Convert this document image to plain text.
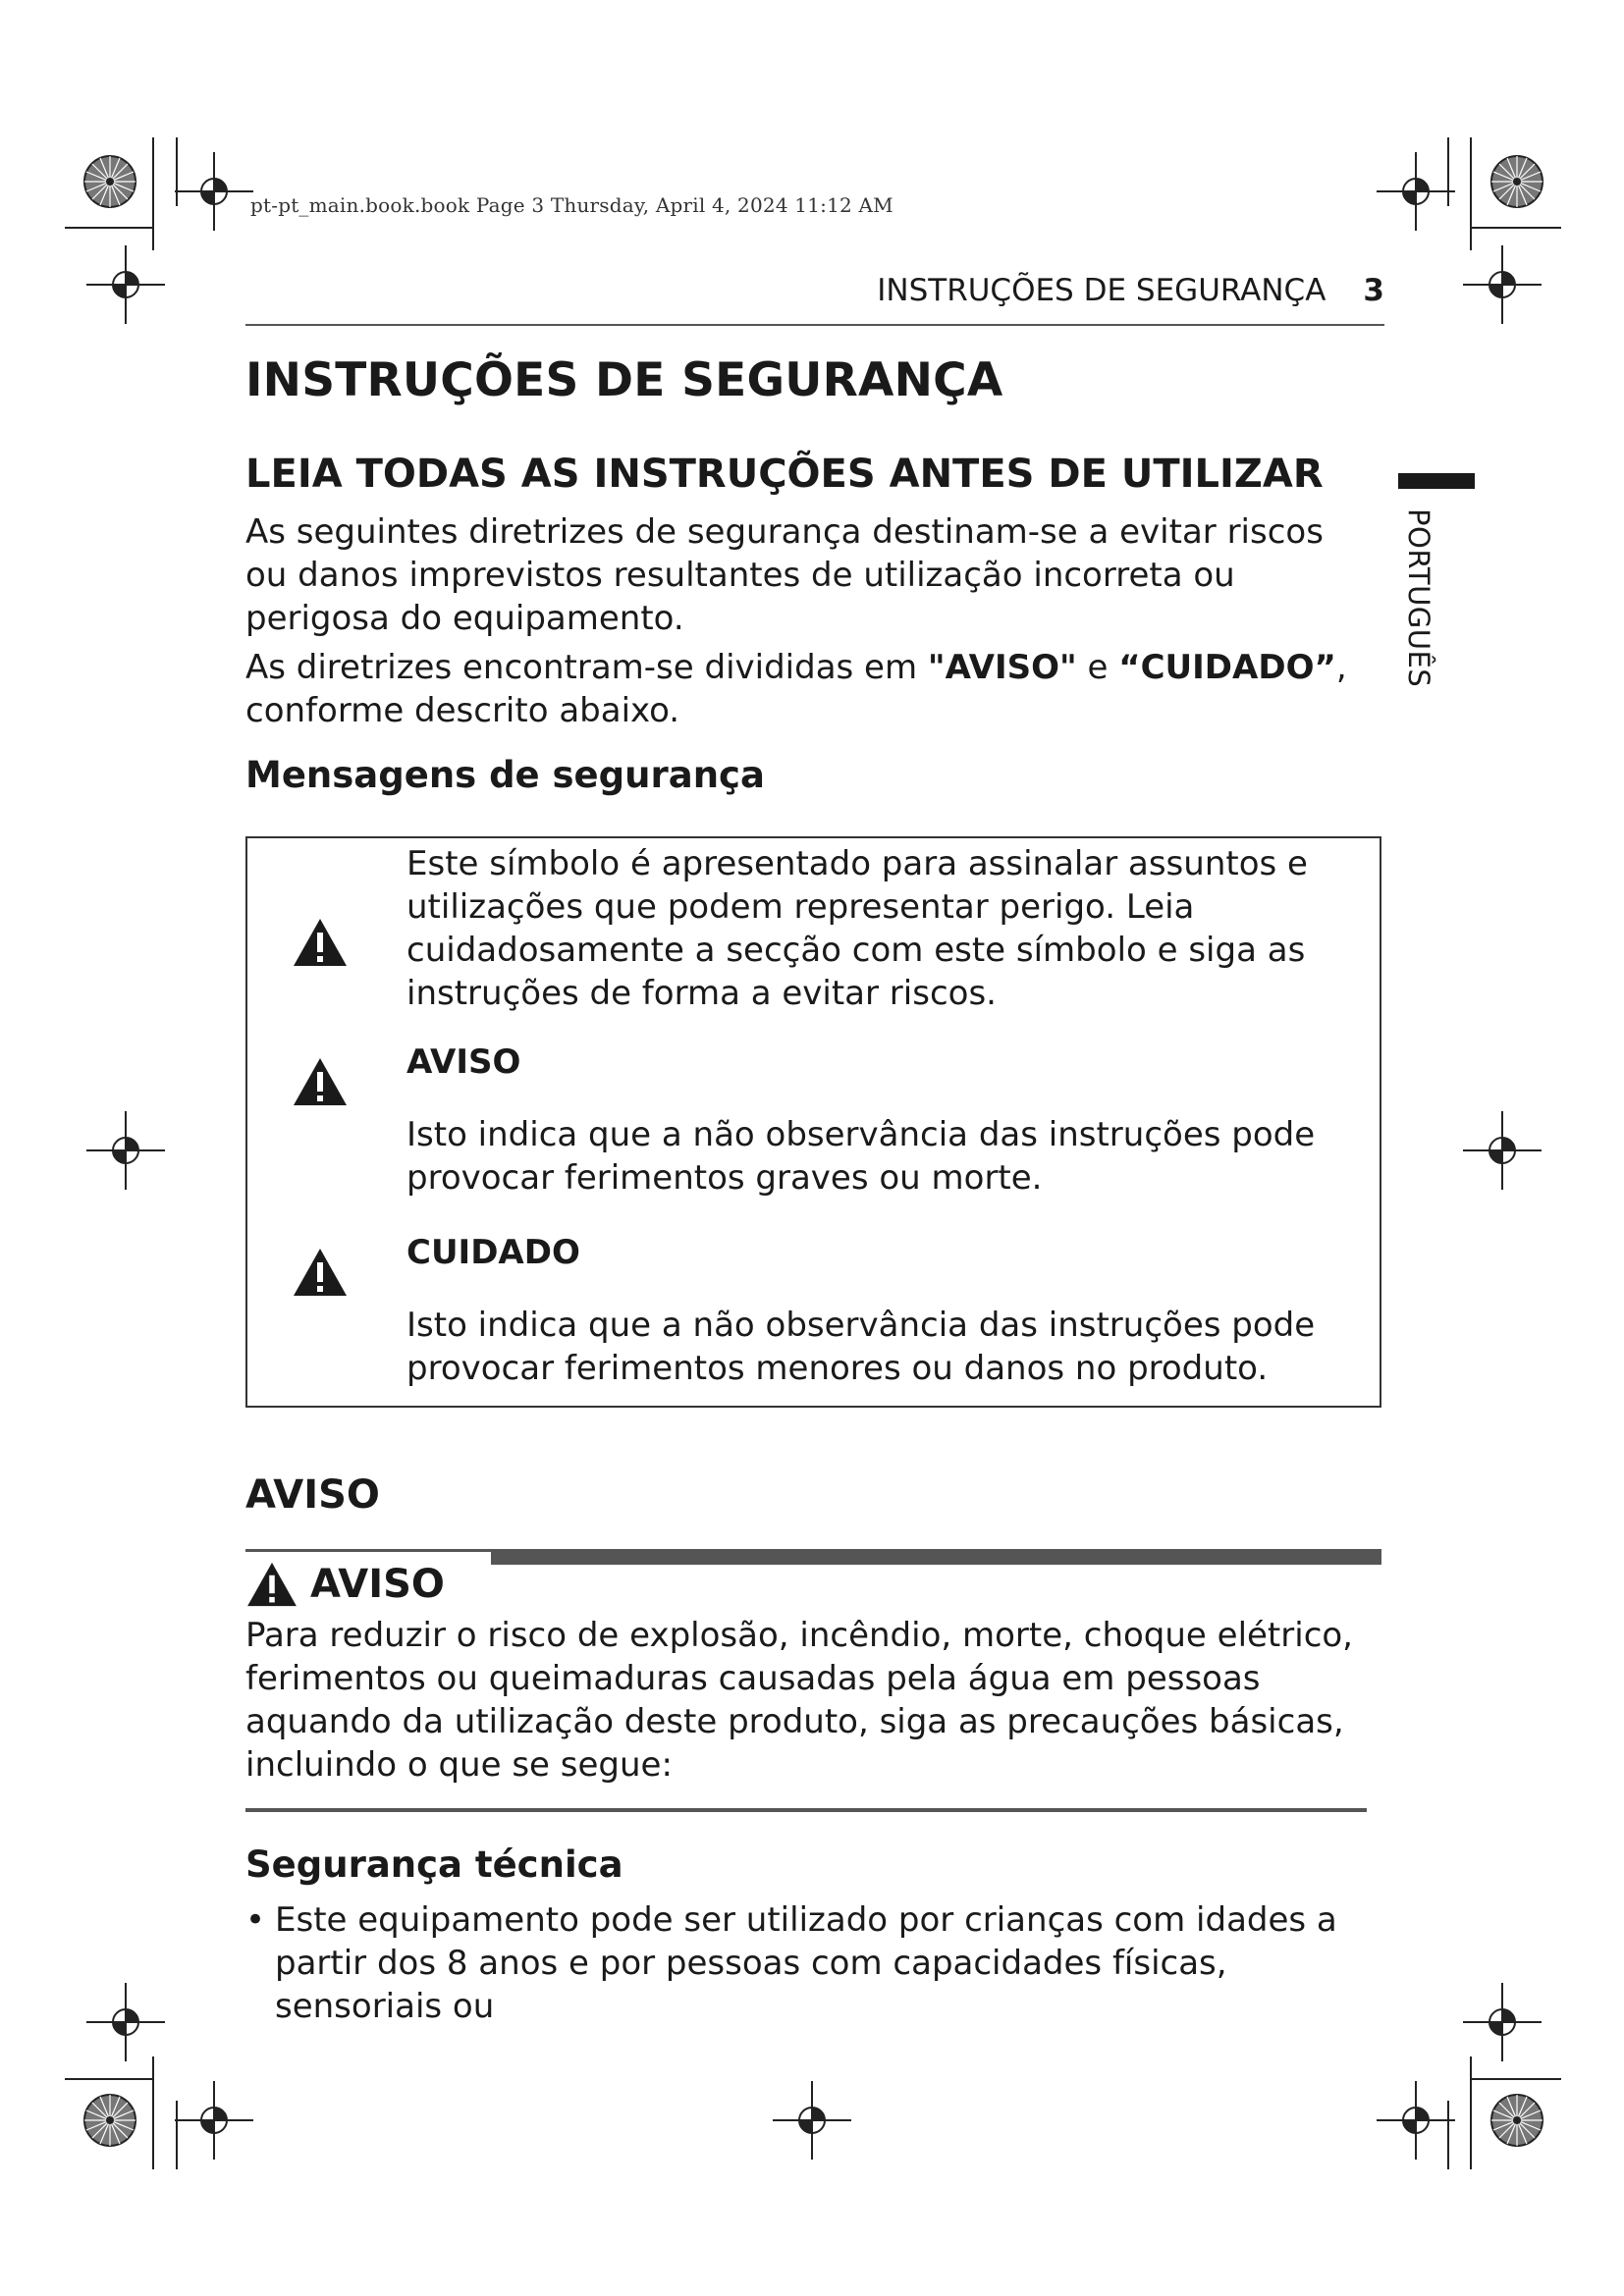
pt-pt_main.book.book Page 3 Thursday, April 4, 2024 11:12 AM
INSTRUÇÕES DE SEGURANÇA 3
PORTUGUÊS
INSTRUÇÕES DE SEGURANÇA
LEIA TODAS AS INSTRUÇÕES ANTES DE UTILIZAR

As seguintes diretrizes de segurança destinam-se a evitar riscos ou danos imprevistos resultantes de utilização incorreta ou perigosa do equipamento.

As diretrizes encontram-se divididas em "AVISO" e “CUIDADO”, conforme descrito abaixo.

Mensagens de segurança

Este símbolo é apresentado para assinalar assuntos e utilizações que podem representar perigo. Leia cuidadosamente a secção com este símbolo e siga as instruções de forma a evitar riscos.

AVISO

Isto indica que a não observância das instruções pode provocar ferimentos graves ou morte.

CUIDADO

Isto indica que a não observância das instruções pode provocar ferimentos menores ou danos no produto.

AVISO
AVISO

Para reduzir o risco de explosão, incêndio, morte, choque elétrico, ferimentos ou queimaduras causadas pela água em pessoas aquando da utilização deste produto, siga as precauções básicas, incluindo o que se segue:

Segurança técnica

• Este equipamento pode ser utilizado por crianças com idades a partir dos 8 anos e por pessoas com capacidades físicas, sensoriais ou
